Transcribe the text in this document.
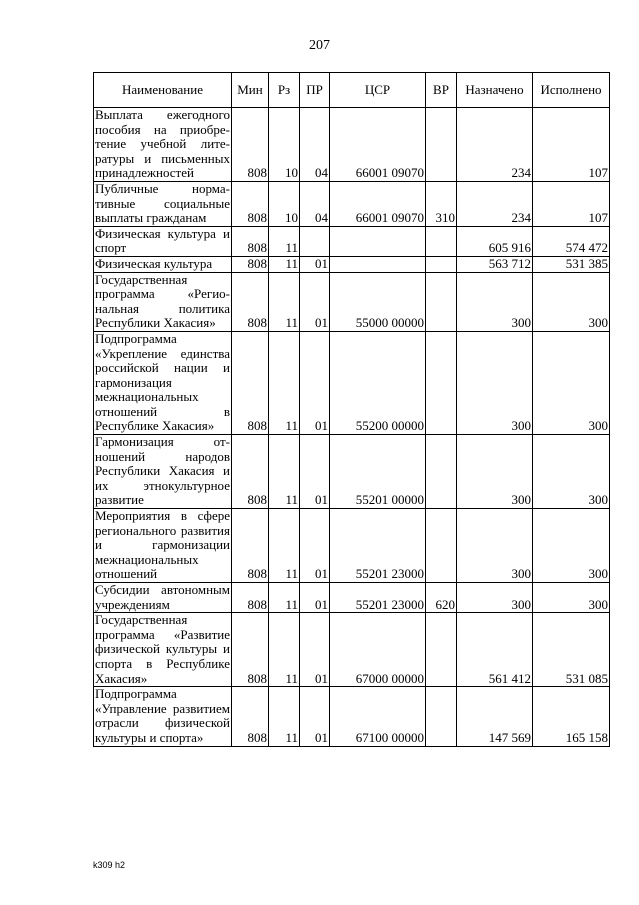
207
Наименование	Мин	Рз	ПР	ЦСР	ВР	Назначено	Исполнено
Выплата ежегодного пособия на приобретение учебной литературы и письменных принадлежностей	808	10	04	66001 09070		234	107
Публичные нормативные социальные выплаты гражданам	808	10	04	66001 09070	310	234	107
Физическая культура и спорт	808	11				605 916	574 472
Физическая культура	808	11	01			563 712	531 385
Государственная программа «Региональная политика Республики Хакасия»	808	11	01	55000 00000		300	300
Подпрограмма «Укрепление единства российской нации и гармонизация межнациональных отношений в Республике Хакасия»	808	11	01	55200 00000		300	300
Гармонизация отношений народов Республики Хакасия и их этнокультурное развитие	808	11	01	55201 00000		300	300
Мероприятия в сфере регионального развития и гармонизации межнациональных отношений	808	11	01	55201 23000		300	300
Субсидии автономным учреждениям	808	11	01	55201 23000	620	300	300
Государственная программа «Развитие физической культуры и спорта в Республике Хакасия»	808	11	01	67000 00000		561 412	531 085
Подпрограмма «Управление развитием отрасли физической культуры и спорта»	808	11	01	67100 00000		147 569	165 158
k309 h2
